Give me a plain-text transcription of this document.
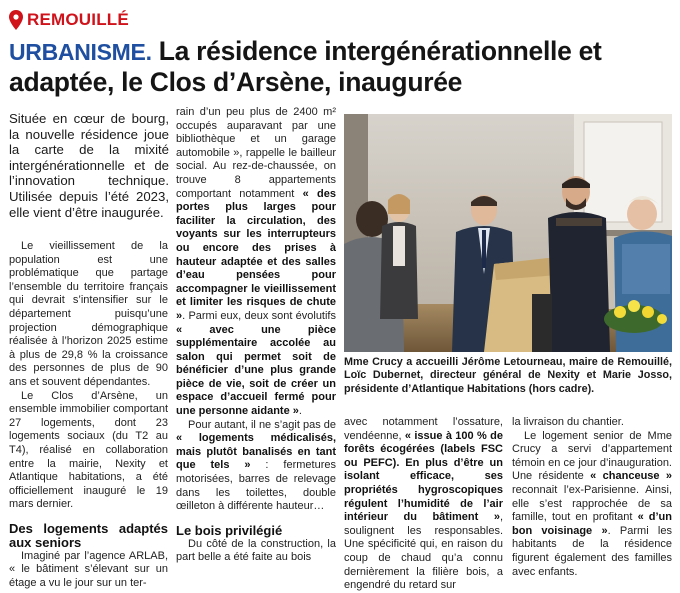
REMOUILLÉ
URBANISME. La résidence intergénérationnelle et adaptée, le Clos d’Arsène, inaugurée

Située en cœur de bourg, la nouvelle résidence joue la carte de la mixité intergénérationnelle et de l’innovation technique. Utilisée depuis l’été 2023, elle vient d’être inaugurée.

Le vieillissement de la population est une problématique que partage l’ensemble du territoire français qui devrait s’intensifier sur le département puisqu’une projection démographique réalisée à l’horizon 2025 estime à plus de 29,8 % la croissance des personnes de plus de 90 ans et souvent dépendantes.

Le Clos d’Arsène, un ensemble immobilier comportant 27 logements, dont 23 logements sociaux (du T2 au T4), réalisé en collaboration entre la mairie, Nexity et Atlantique habitations, a été officiellement inauguré le 19 mars dernier.

Des logements adaptés aux seniors

Imaginé par l’agence ARLAB, « le bâtiment s’élevant sur un étage a vu le jour sur un ter-

rain d’un peu plus de 2400 m² occupés auparavant par une bibliothèque et un garage automobile », rappelle le bailleur social. Au rez-de-chaussée, on trouve 8 appartements comportant notamment « des portes plus larges pour faciliter la circulation, des voyants sur les interrupteurs ou encore des prises à hauteur adaptée et des salles d’eau pensées pour accompagner le vieillissement et limiter les risques de chute ». Parmi eux, deux sont évolutifs « avec une pièce supplémentaire accolée au salon qui permet soit de bénéficier d’une plus grande pièce de vie, soit de créer un espace d’accueil fermé pour une personne aidante ».

Pour autant, il ne s’agit pas de « logements médicalisés, mais plutôt banalisés en tant que tels » : fermetures motorisées, barres de relevage dans les toilettes, double œilleton à différente hauteur…

Le bois privilégié

Du côté de la construction, la part belle a été faite au bois

Mme Crucy a accueilli Jérôme Letourneau, maire de Remouillé, Loïc Dubernet, directeur général de Nexity et Marie Josso, présidente d’Atlantique Habitations (hors cadre).

avec notamment l’ossature, vendéenne, « issue à 100 % de forêts écogérées (labels FSC ou PEFC). En plus d’être un isolant efficace, ses propriétés hygroscopiques régulent l’humidité de l’air intérieur du bâtiment », soulignent les responsables. Une spécificité qui, en raison du coup de chaud qu’a connu dernièrement la filière bois, a engendré du retard sur

la livraison du chantier.

Le logement senior de Mme Crucy a servi d’appartement témoin en ce jour d’inauguration. Une résidente « chanceuse » reconnait l’ex-Parisienne. Ainsi, elle s’est rapprochée de sa famille, tout en profitant « d’un bon voisinage ». Parmi les habitants de la résidence figurent également des familles avec enfants.
